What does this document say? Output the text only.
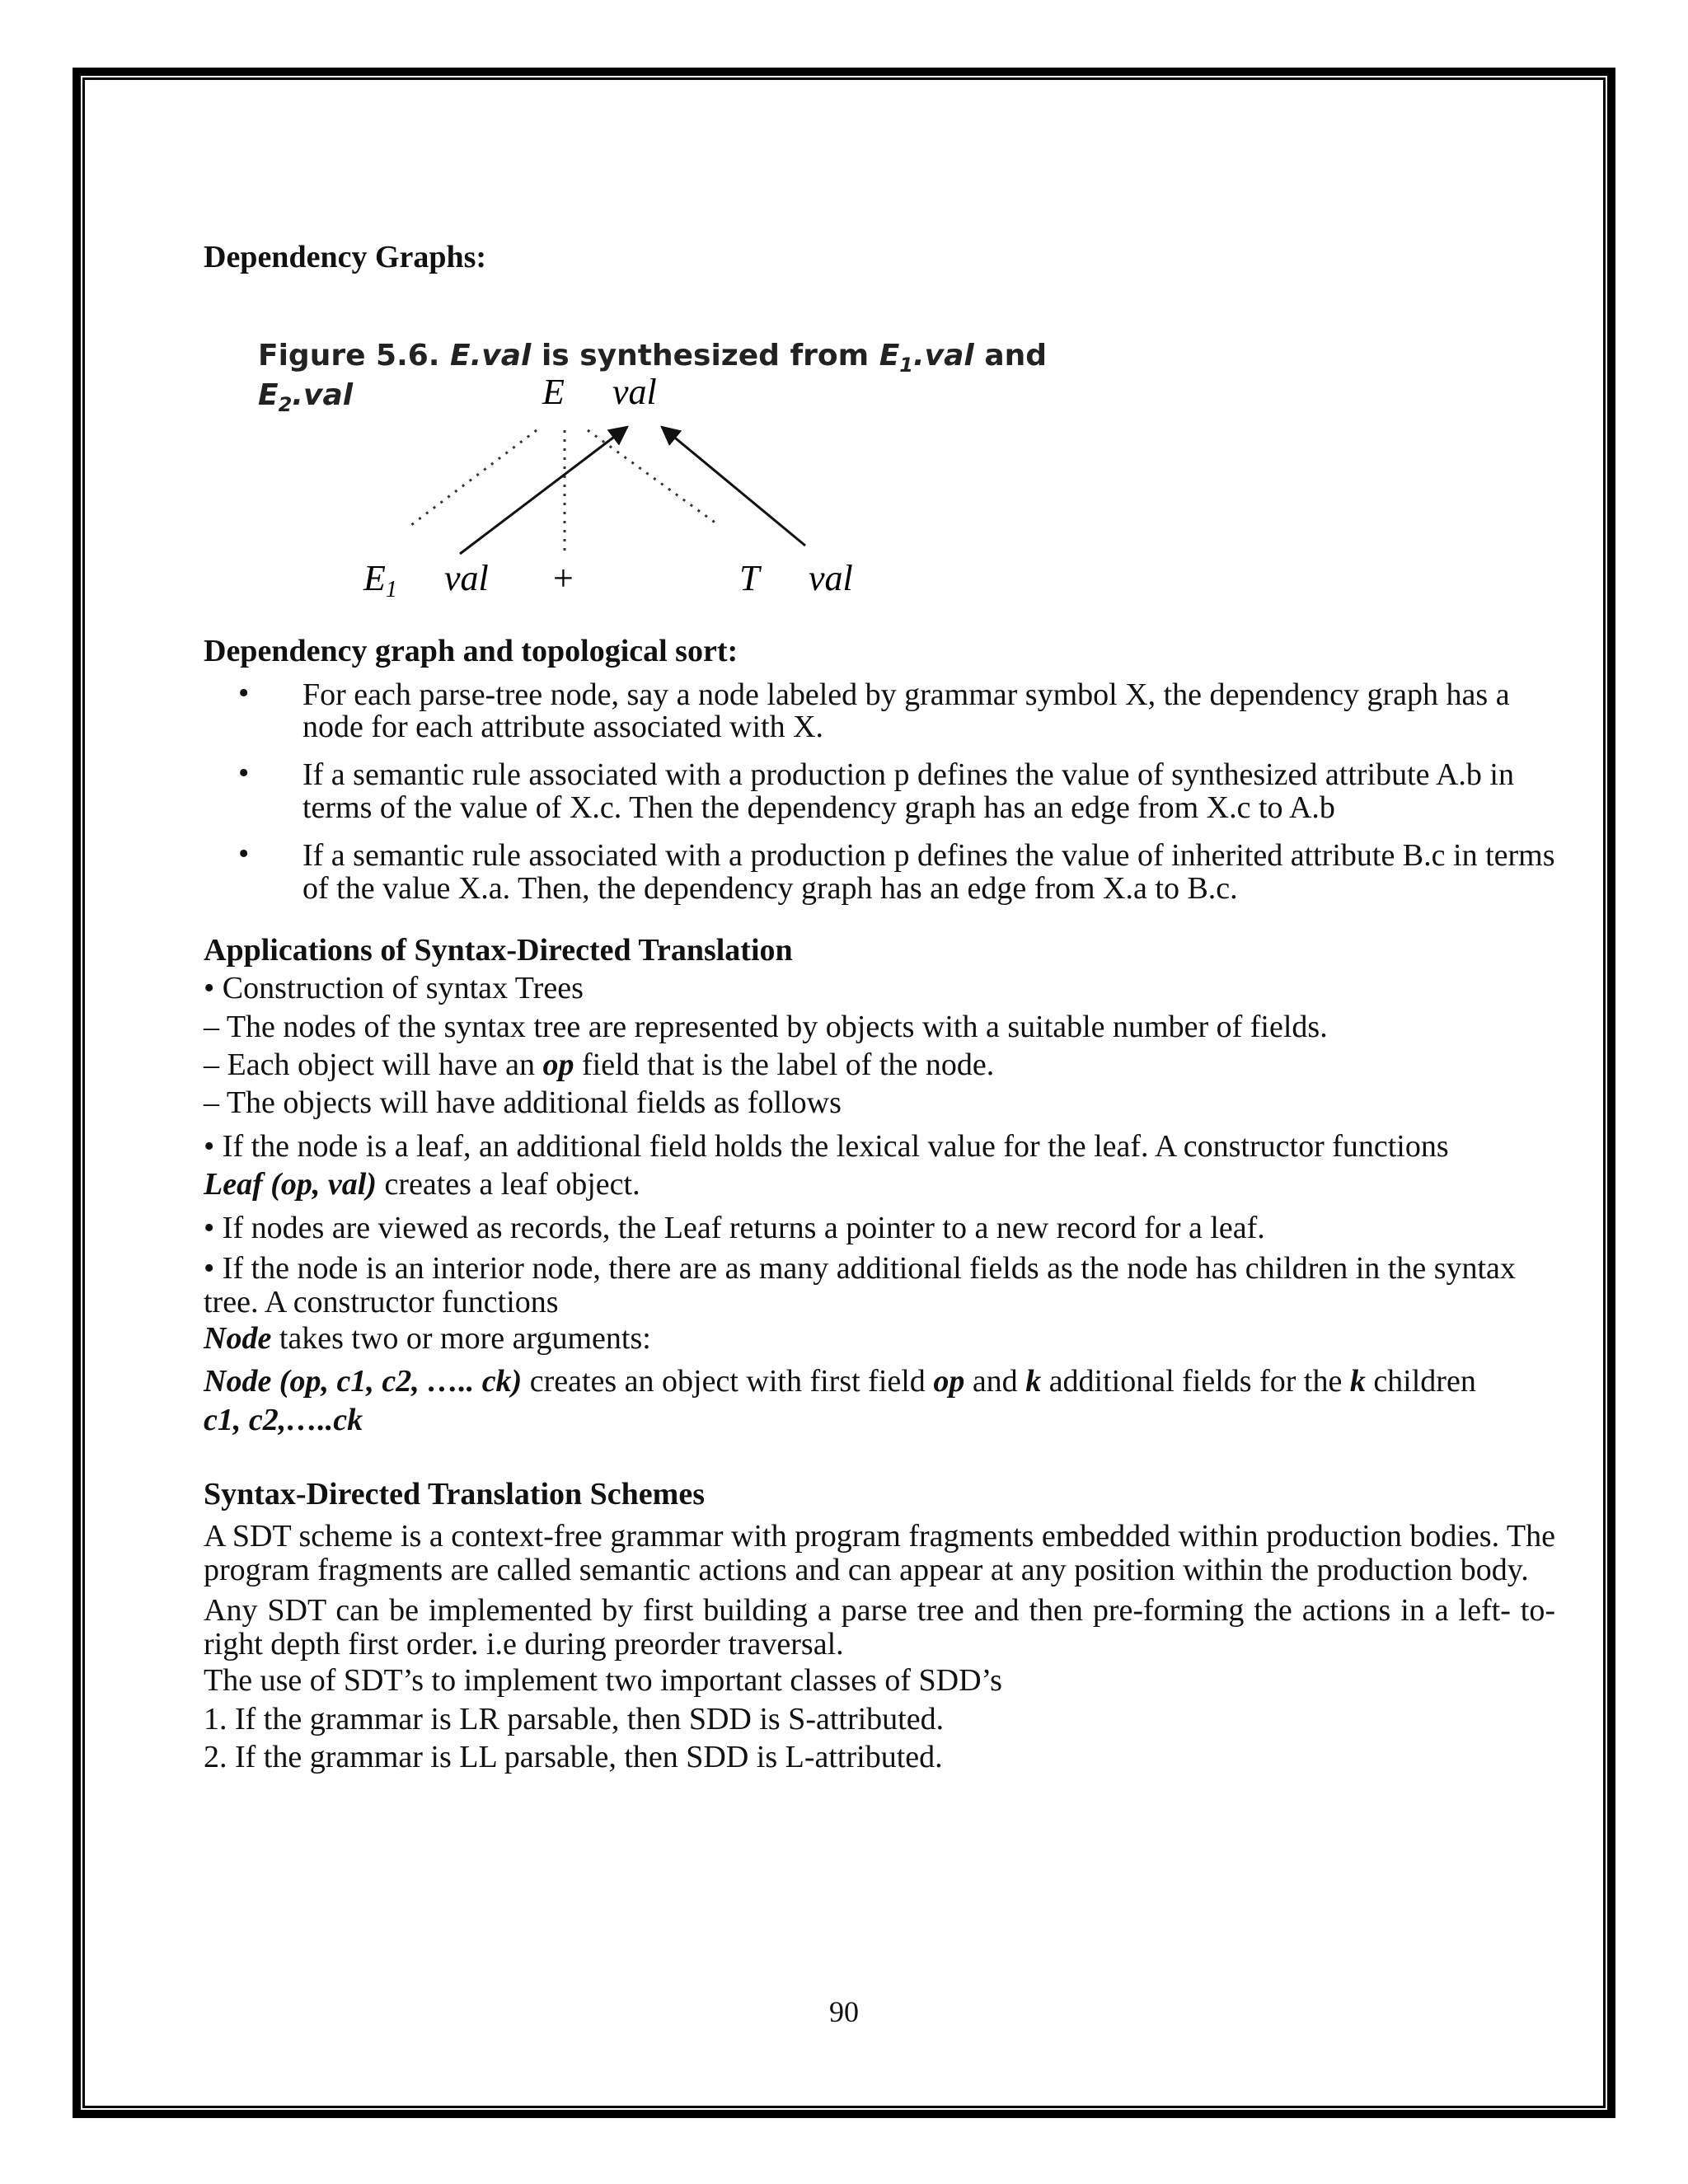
Dependency Graphs:

Figure 5.6. E.val is synthesized from $E_1.val$ and $E_2.val$	E val
E1 val +	T val

Dependency graph and topological sort:

• For each parse-tree node, say a node labeled by grammar symbol X, the dependency graph has a node for each attribute associated with X.
• If a semantic rule associated with a production p defines the value of synthesized attribute A.b in terms of the value of X.c. Then the dependency graph has an edge from X.c to A.b
• If a semantic rule associated with a production p defines the value of inherited attribute B.c in terms of the value X.a. Then, the dependency graph has an edge from X.a to B.c.

Applications of Syntax-Directed Translation

• Construction of syntax Trees

– The nodes of the syntax tree are represented by objects with a suitable number of fields.

– Each object will have an op field that is the label of the node.

– The objects will have additional fields as follows

• If the node is a leaf, an additional field holds the lexical value for the leaf. A constructor functions

Leaf (op, val) creates a leaf object.

• If nodes are viewed as records, the Leaf returns a pointer to a new record for a leaf.

• If the node is an interior node, there are as many additional fields as the node has children in the syntax tree. A constructor functions

Node takes two or more arguments:

Node (op, c1, c2, ….. ck) creates an object with first field op and k additional fields for the k children

c1, c2,…..ck

Syntax-Directed Translation Schemes

A SDT scheme is a context-free grammar with program fragments embedded within production bodies. The program fragments are called semantic actions and can appear at any position within the production body.

Any SDT can be implemented by first building a parse tree and then pre-forming the actions in a left- to-right depth first order. i.e during preorder traversal.

The use of SDT’s to implement two important classes of SDD’s

1. If the grammar is LR parsable, then SDD is S-attributed.

2. If the grammar is LL parsable, then SDD is L-attributed.

90
